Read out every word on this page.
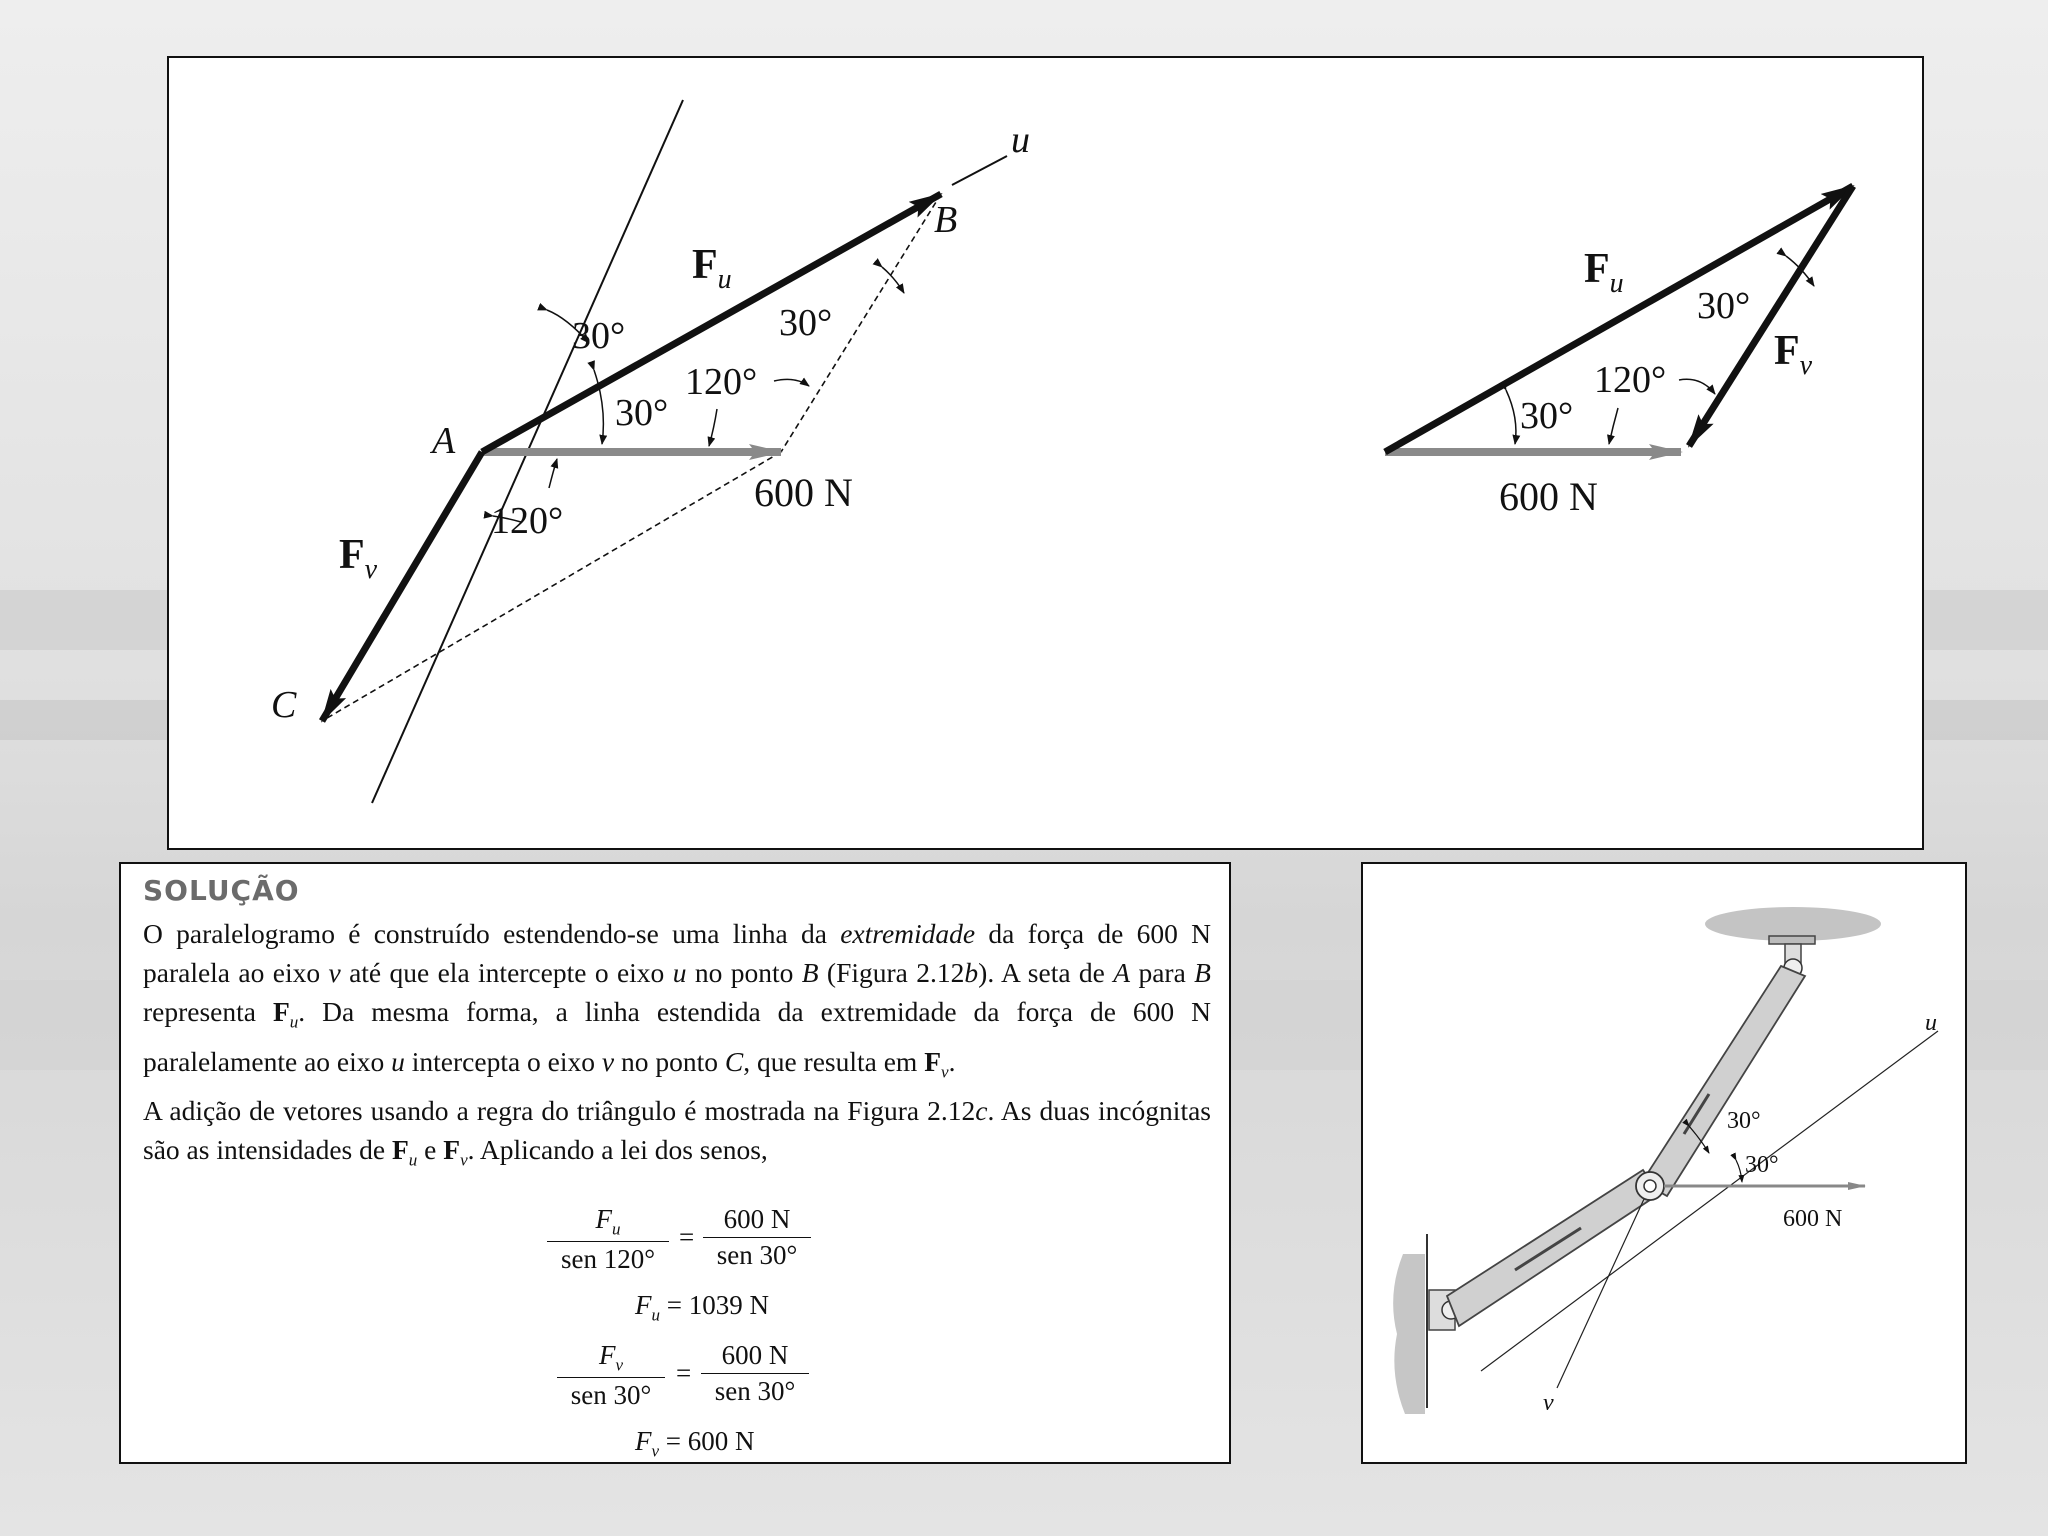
u
A
B
C
$F_u$
$F_v$
30°	30°
30°
120°
120°
600 N
$F_u$
$F_v$
30°
30°
120°
600 N
SOLUÇÃO

O paralelogramo é construído estendendo-se uma linha da extremidade da força de 600 N paralela ao eixo v até que ela intercepte o eixo u no ponto B (Figura 2.12b). A seta de A para B representa $F_u$. Da mesma forma, a linha estendida da extremidade da força de 600 N paralelamente ao eixo u intercepta o eixo v no ponto C, que resulta em $F_v$.

A adição de vetores usando a regra do triângulo é mostrada na Figura 2.12c. As duas incógnitas são as intensidades de $F_u$ e $F_v$. Aplicando a lei dos senos,

$F_u$
sen 120°
=
600 N
sen 30°
$F_u = 1039$ N
$F_v$
sen 30°
=
600 N
sen 30°
$F_v = 600$ N
u
v
30°
30°
600 N
